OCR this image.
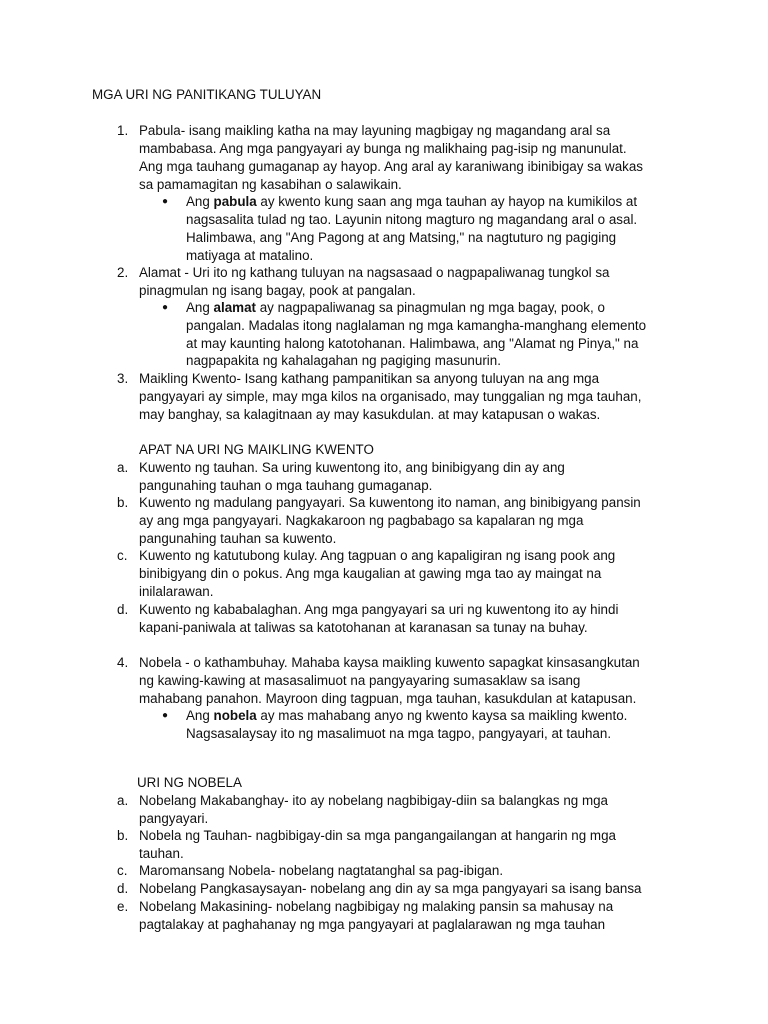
MGA URI NG PANITIKANG TULUYAN
1. Pabula- isang maikling katha na may layuning magbigay ng magandang aral sa
mambabasa. Ang mga pangyayari ay bunga ng malikhaing pag-isip ng manunulat.
Ang mga tauhang gumaganap ay hayop. Ang aral ay karaniwang ibinibigay sa wakas
sa pamamagitan ng kasabihan o salawikain.
● Ang pabula ay kwento kung saan ang mga tauhan ay hayop na kumikilos at
nagsasalita tulad ng tao. Layunin nitong magturo ng magandang aral o asal.
Halimbawa, ang "Ang Pagong at ang Matsing," na nagtuturo ng pagiging
matiyaga at matalino.
2. Alamat - Uri ito ng kathang tuluyan na nagsasaad o nagpapaliwanag tungkol sa
pinagmulan ng isang bagay, pook at pangalan.
● Ang alamat ay nagpapaliwanag sa pinagmulan ng mga bagay, pook, o
pangalan. Madalas itong naglalaman ng mga kamangha-manghang elemento
at may kaunting halong katotohanan. Halimbawa, ang "Alamat ng Pinya," na
nagpapakita ng kahalagahan ng pagiging masunurin.
3. Maikling Kwento- Isang kathang pampanitikan sa anyong tuluyan na ang mga
pangyayari ay simple, may mga kilos na organisado, may tunggalian ng mga tauhan,
may banghay, sa kalagitnaan ay may kasukdulan. at may katapusan o wakas.
APAT NA URI NG MAIKLING KWENTO
a. Kuwento ng tauhan. Sa uring kuwentong ito, ang binibigyang din ay ang
pangunahing tauhan o mga tauhang gumaganap.
b. Kuwento ng madulang pangyayari. Sa kuwentong ito naman, ang binibigyang pansin
ay ang mga pangyayari. Nagkakaroon ng pagbabago sa kapalaran ng mga
pangunahing tauhan sa kuwento.
c. Kuwento ng katutubong kulay. Ang tagpuan o ang kapaligiran ng isang pook ang
binibigyang din o pokus. Ang mga kaugalian at gawing mga tao ay maingat na
inilalarawan.
d. Kuwento ng kababalaghan. Ang mga pangyayari sa uri ng kuwentong ito ay hindi
kapani-paniwala at taliwas sa katotohanan at karanasan sa tunay na buhay.
4. Nobela - o kathambuhay. Mahaba kaysa maikling kuwento sapagkat kinsasangkutan
ng kawing-kawing at masasalimuot na pangyayaring sumasaklaw sa isang
mahabang panahon. Mayroon ding tagpuan, mga tauhan, kasukdulan at katapusan.
● Ang nobela ay mas mahabang anyo ng kwento kaysa sa maikling kwento.
Nagsasalaysay ito ng masalimuot na mga tagpo, pangyayari, at tauhan.
URI NG NOBELA
a. Nobelang Makabanghay- ito ay nobelang nagbibigay-diin sa balangkas ng mga
pangyayari.
b. Nobela ng Tauhan- nagbibigay-din sa mga pangangailangan at hangarin ng mga
tauhan.
c. Maromansang Nobela- nobelang nagtatanghal sa pag-ibigan.
d. Nobelang Pangkasaysayan- nobelang ang din ay sa mga pangyayari sa isang bansa
e. Nobelang Makasining- nobelang nagbibigay ng malaking pansin sa mahusay na
pagtalakay at paghahanay ng mga pangyayari at paglalarawan ng mga tauhan
